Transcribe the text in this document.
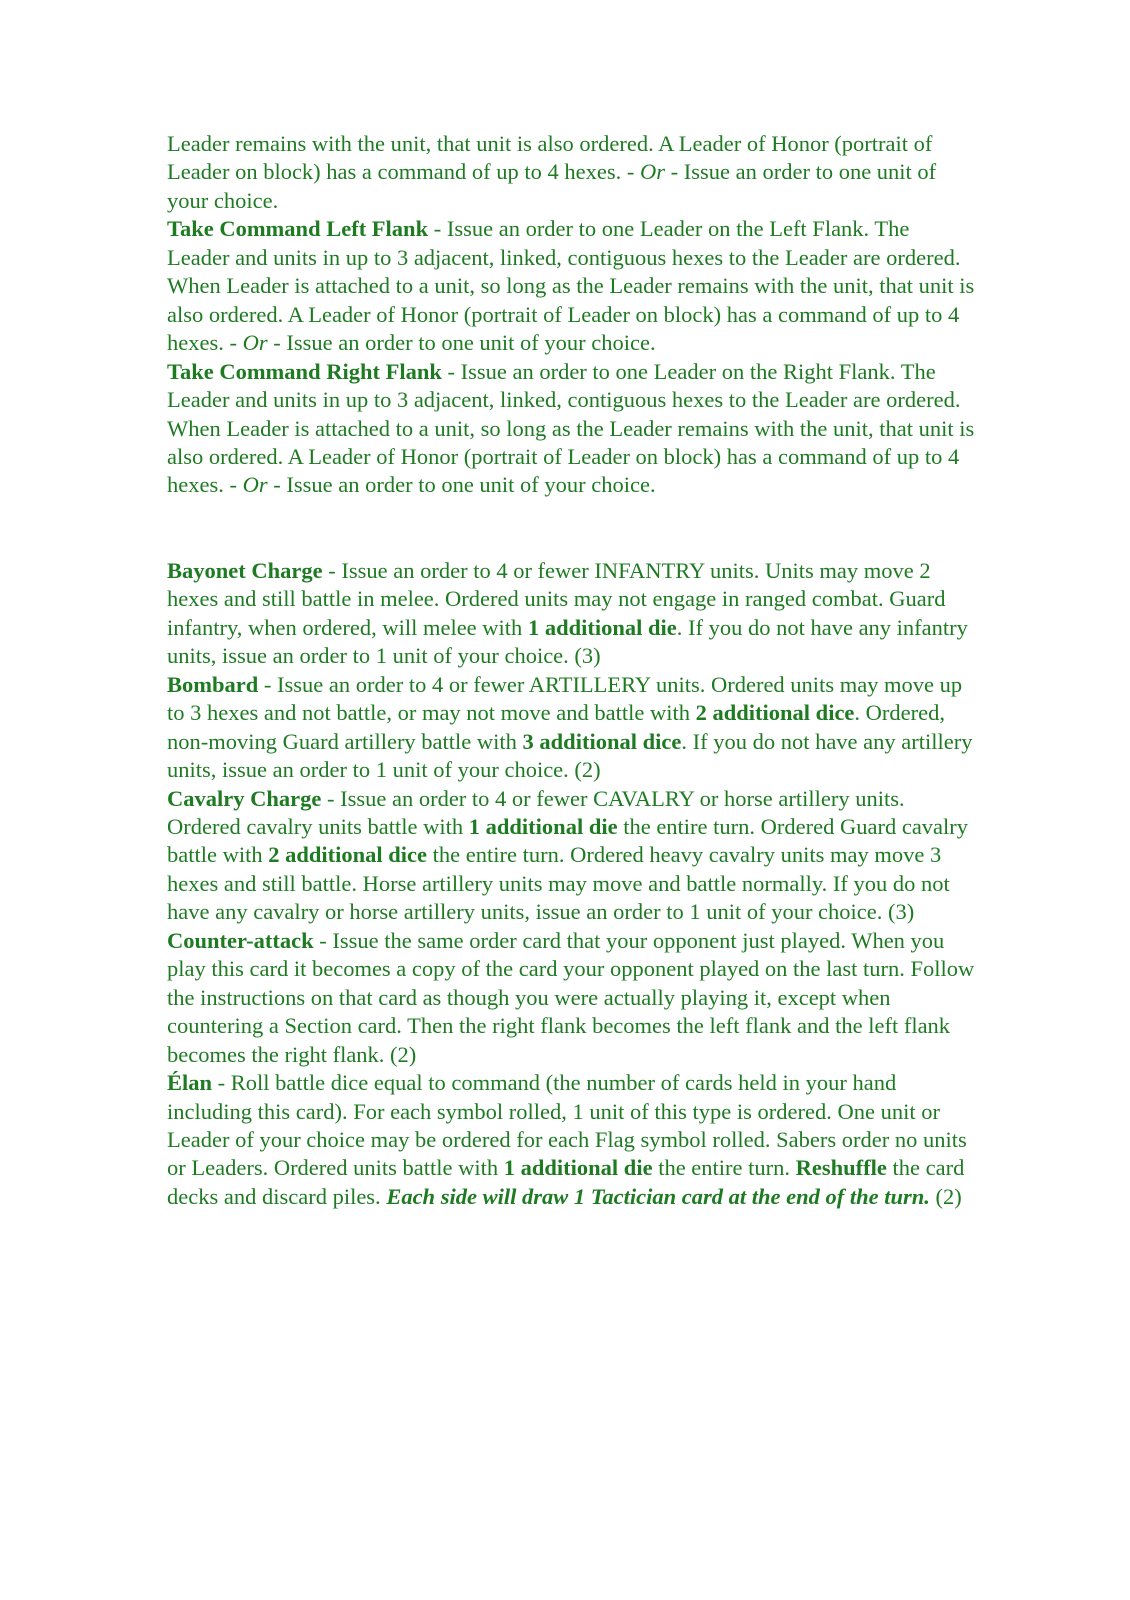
Leader remains with the unit, that unit is also ordered. A Leader of Honor (portrait of Leader on block) has a command of up to 4 hexes. - Or - Issue an order to one unit of your choice.

Take Command Left Flank - Issue an order to one Leader on the Left Flank. The Leader and units in up to 3 adjacent, linked, contiguous hexes to the Leader are ordered. When Leader is attached to a unit, so long as the Leader remains with the unit, that unit is also ordered. A Leader of Honor (portrait of Leader on block) has a command of up to 4 hexes. - Or - Issue an order to one unit of your choice.

Take Command Right Flank - Issue an order to one Leader on the Right Flank. The Leader and units in up to 3 adjacent, linked, contiguous hexes to the Leader are ordered. When Leader is attached to a unit, so long as the Leader remains with the unit, that unit is also ordered. A Leader of Honor (portrait of Leader on block) has a command of up to 4 hexes. - Or - Issue an order to one unit of your choice.

Bayonet Charge - Issue an order to 4 or fewer INFANTRY units. Units may move 2 hexes and still battle in melee. Ordered units may not engage in ranged combat. Guard infantry, when ordered, will melee with 1 additional die. If you do not have any infantry units, issue an order to 1 unit of your choice. (3)

Bombard - Issue an order to 4 or fewer ARTILLERY units. Ordered units may move up to 3 hexes and not battle, or may not move and battle with 2 additional dice. Ordered, non-moving Guard artillery battle with 3 additional dice. If you do not have any artillery units, issue an order to 1 unit of your choice. (2)

Cavalry Charge - Issue an order to 4 or fewer CAVALRY or horse artillery units. Ordered cavalry units battle with 1 additional die the entire turn. Ordered Guard cavalry battle with 2 additional dice the entire turn. Ordered heavy cavalry units may move 3 hexes and still battle. Horse artillery units may move and battle normally. If you do not have any cavalry or horse artillery units, issue an order to 1 unit of your choice. (3)

Counter-attack - Issue the same order card that your opponent just played. When you play this card it becomes a copy of the card your opponent played on the last turn. Follow the instructions on that card as though you were actually playing it, except when countering a Section card. Then the right flank becomes the left flank and the left flank becomes the right flank. (2)

Élan - Roll battle dice equal to command (the number of cards held in your hand including this card). For each symbol rolled, 1 unit of this type is ordered. One unit or Leader of your choice may be ordered for each Flag symbol rolled. Sabers order no units or Leaders. Ordered units battle with 1 additional die the entire turn. Reshuffle the card decks and discard piles. Each side will draw 1 Tactician card at the end of the turn. (2)
